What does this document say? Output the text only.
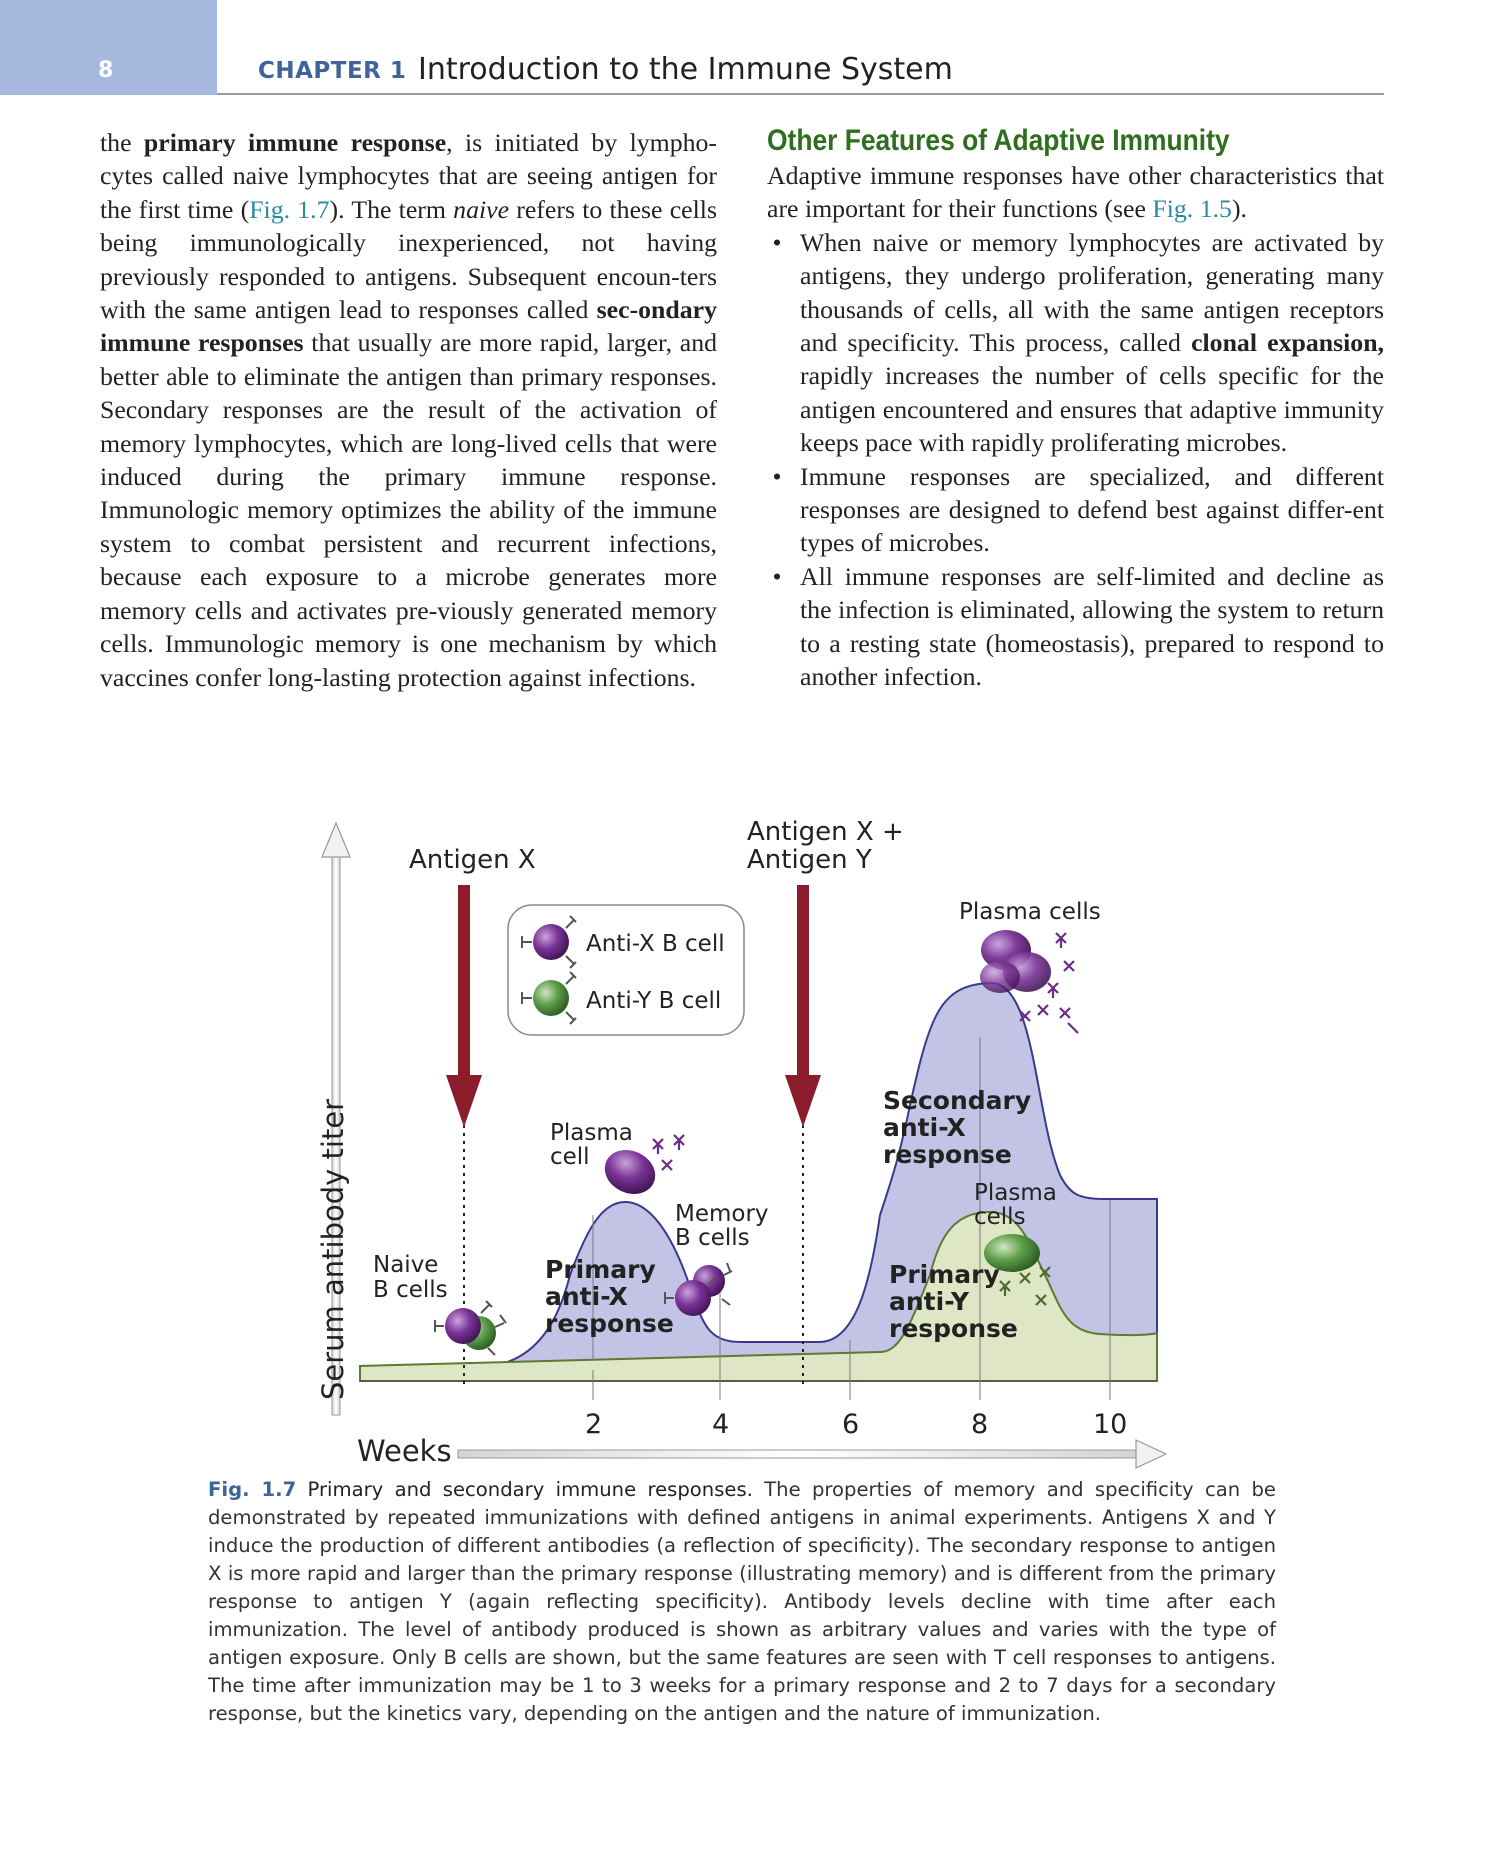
8	CHAPTER 1 Introduction to the Immune System

the primary immune response, is initiated by lympho-cytes called naive lymphocytes that are seeing antigen for the first time (Fig. 1.7). The term naive refers to these cells being immunologically inexperienced, not having previously responded to antigens. Subsequent encoun-ters with the same antigen lead to responses called sec-ondary immune responses that usually are more rapid, larger, and better able to eliminate the antigen than primary responses. Secondary responses are the result of the activation of memory lymphocytes, which are long-lived cells that were induced during the primary immune response. Immunologic memory optimizes the ability of the immune system to combat persistent and recurrent infections, because each exposure to a microbe generates more memory cells and activates pre-viously generated memory cells. Immunologic memory is one mechanism by which vaccines confer long-lasting protection against infections.

Other Features of Adaptive Immunity

Adaptive immune responses have other characteristics that are important for their functions (see Fig. 1.5).

• When naive or memory lymphocytes are activated by antigens, they undergo proliferation, generating many thousands of cells, all with the same antigen receptors and specificity. This process, called clonal expansion, rapidly increases the number of cells specific for the antigen encountered and ensures that adaptive immunity keeps pace with rapidly proliferating microbes.
• Immune responses are specialized, and different responses are designed to defend best against differ-ent types of microbes.
• All immune responses are self-limited and decline as the infection is eliminated, allowing the system to return to a resting state (homeostasis), prepared to respond to another infection.
Serum antibody titer
Weeks
2	4	6	8	10
Antigen X
Antigen X +
Antigen Y
Anti-X B cell
Anti-Y B cell
Naive
B cells
Plasma
cell
Memory
B cells
Primary
anti-X
response
Plasma cells
Secondary
anti-X
response
Plasma
cells
Primary
anti-Y
response
Fig. 1.7 Primary and secondary immune responses. The properties of memory and specificity can be demonstrated by repeated immunizations with defined antigens in animal experiments. Antigens X and Y induce the production of different antibodies (a reflection of specificity). The secondary response to antigen X is more rapid and larger than the primary response (illustrating memory) and is different from the primary response to antigen Y (again reflecting specificity). Antibody levels decline with time after each immunization. The level of antibody produced is shown as arbitrary values and varies with the type of antigen exposure. Only B cells are shown, but the same features are seen with T cell responses to antigens. The time after immunization may be 1 to 3 weeks for a primary response and 2 to 7 days for a secondary response, but the kinetics vary, depending on the antigen and the nature of immunization.
